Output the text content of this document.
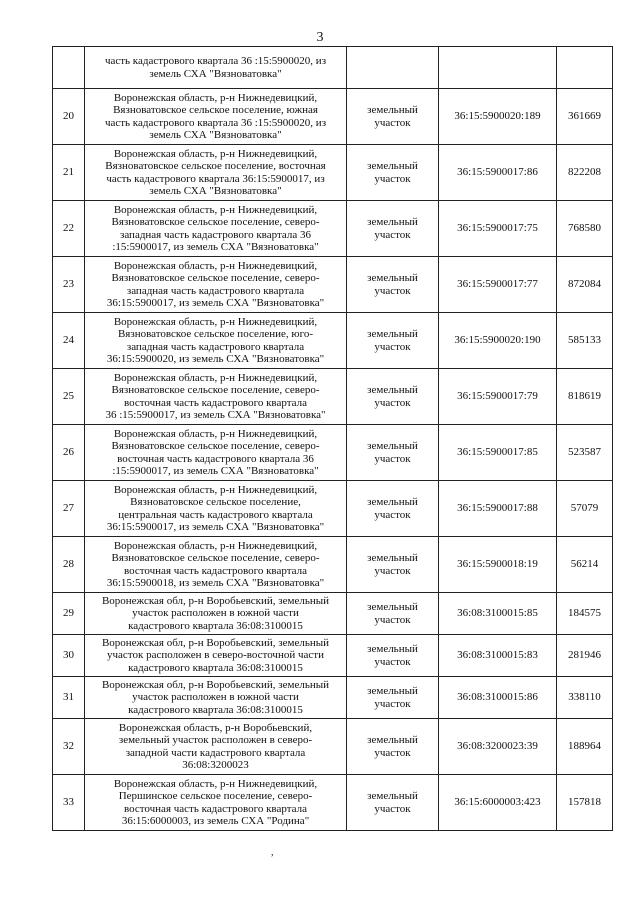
3

	часть кадастрового квартала 36 :15:5900020, из
земель СХА "Вязноватовка"			

20	Воронежская область, р-н Нижнедевицкий,
Вязноватовское сельское поселение, южная
часть кадастрового квартала 36 :15:5900020, из
земель СХА "Вязноватовка"	земельный
участок	36:15:5900020:189	361669
21	Воронежская область, р-н Нижнедевицкий,
Вязноватовское сельское поселение, восточная
часть кадастрового квартала 36:15:5900017, из
земель СХА "Вязноватовка"	земельный
участок	36:15:5900017:86	822208
22	Воронежская область, р-н Нижнедевицкий,
Вязноватовское сельское поселение, северо-
западная часть кадастрового квартала 36
:15:5900017, из земель СХА "Вязноватовка"	земельный
участок	36:15:5900017:75	768580
23	Воронежская область, р-н Нижнедевицкий,
Вязноватовское сельское поселение, северо-
западная часть кадастрового квартала
36:15:5900017, из земель СХА "Вязноватовка"	земельный
участок	36:15:5900017:77	872084
24	Воронежская область, р-н Нижнедевицкий,
Вязноватовское сельское поселение, юго-
западная часть кадастрового квартала
36:15:5900020, из земель СХА "Вязноватовка"	земельный
участок	36:15:5900020:190	585133
25	Воронежская область, р-н Нижнедевицкий,
Вязноватовское сельское поселение, северо-
восточная часть кадастрового квартала
36 :15:5900017, из земель СХА "Вязноватовка"	земельный
участок	36:15:5900017:79	818619
26	Воронежская область, р-н Нижнедевицкий,
Вязноватовское сельское поселение, северо-
восточная часть кадастрового квартала 36
:15:5900017, из земель СХА "Вязноватовка"	земельный
участок	36:15:5900017:85	523587
27	Воронежская область, р-н Нижнедевицкий,
Вязноватовское сельское поселение,
центральная часть кадастрового квартала
36:15:5900017, из земель СХА "Вязноватовка"	земельный
участок	36:15:5900017:88	57079
28	Воронежская область, р-н Нижнедевицкий,
Вязноватовское сельское поселение, северо-
восточная часть кадастрового квартала
36:15:5900018, из земель СХА "Вязноватовка"	земельный
участок	36:15:5900018:19	56214
29	Воронежская обл, р-н Воробьевский, земельный
участок расположен в южной части
кадастрового квартала 36:08:3100015	земельный
участок	36:08:3100015:85	184575
30	Воронежская обл, р-н Воробьевский, земельный
участок расположен в северо-восточной части
кадастрового квартала 36:08:3100015	земельный
участок	36:08:3100015:83	281946
31	Воронежская обл, р-н Воробьевский, земельный
участок расположен в южной части
кадастрового квартала 36:08:3100015	земельный
участок	36:08:3100015:86	338110
32	Воронежская область, р-н Воробьевский,
земельный участок расположен в северо-
западной части кадастрового квартала
36:08:3200023	земельный
участок	36:08:3200023:39	188964
33	Воронежская область, р-н Нижнедевицкий,
Першинское сельское поселение, северо-
восточная часть кадастрового квартала
36:15:6000003, из земель СХА "Родина"	земельный
участок	36:15:6000003:423	157818
,
